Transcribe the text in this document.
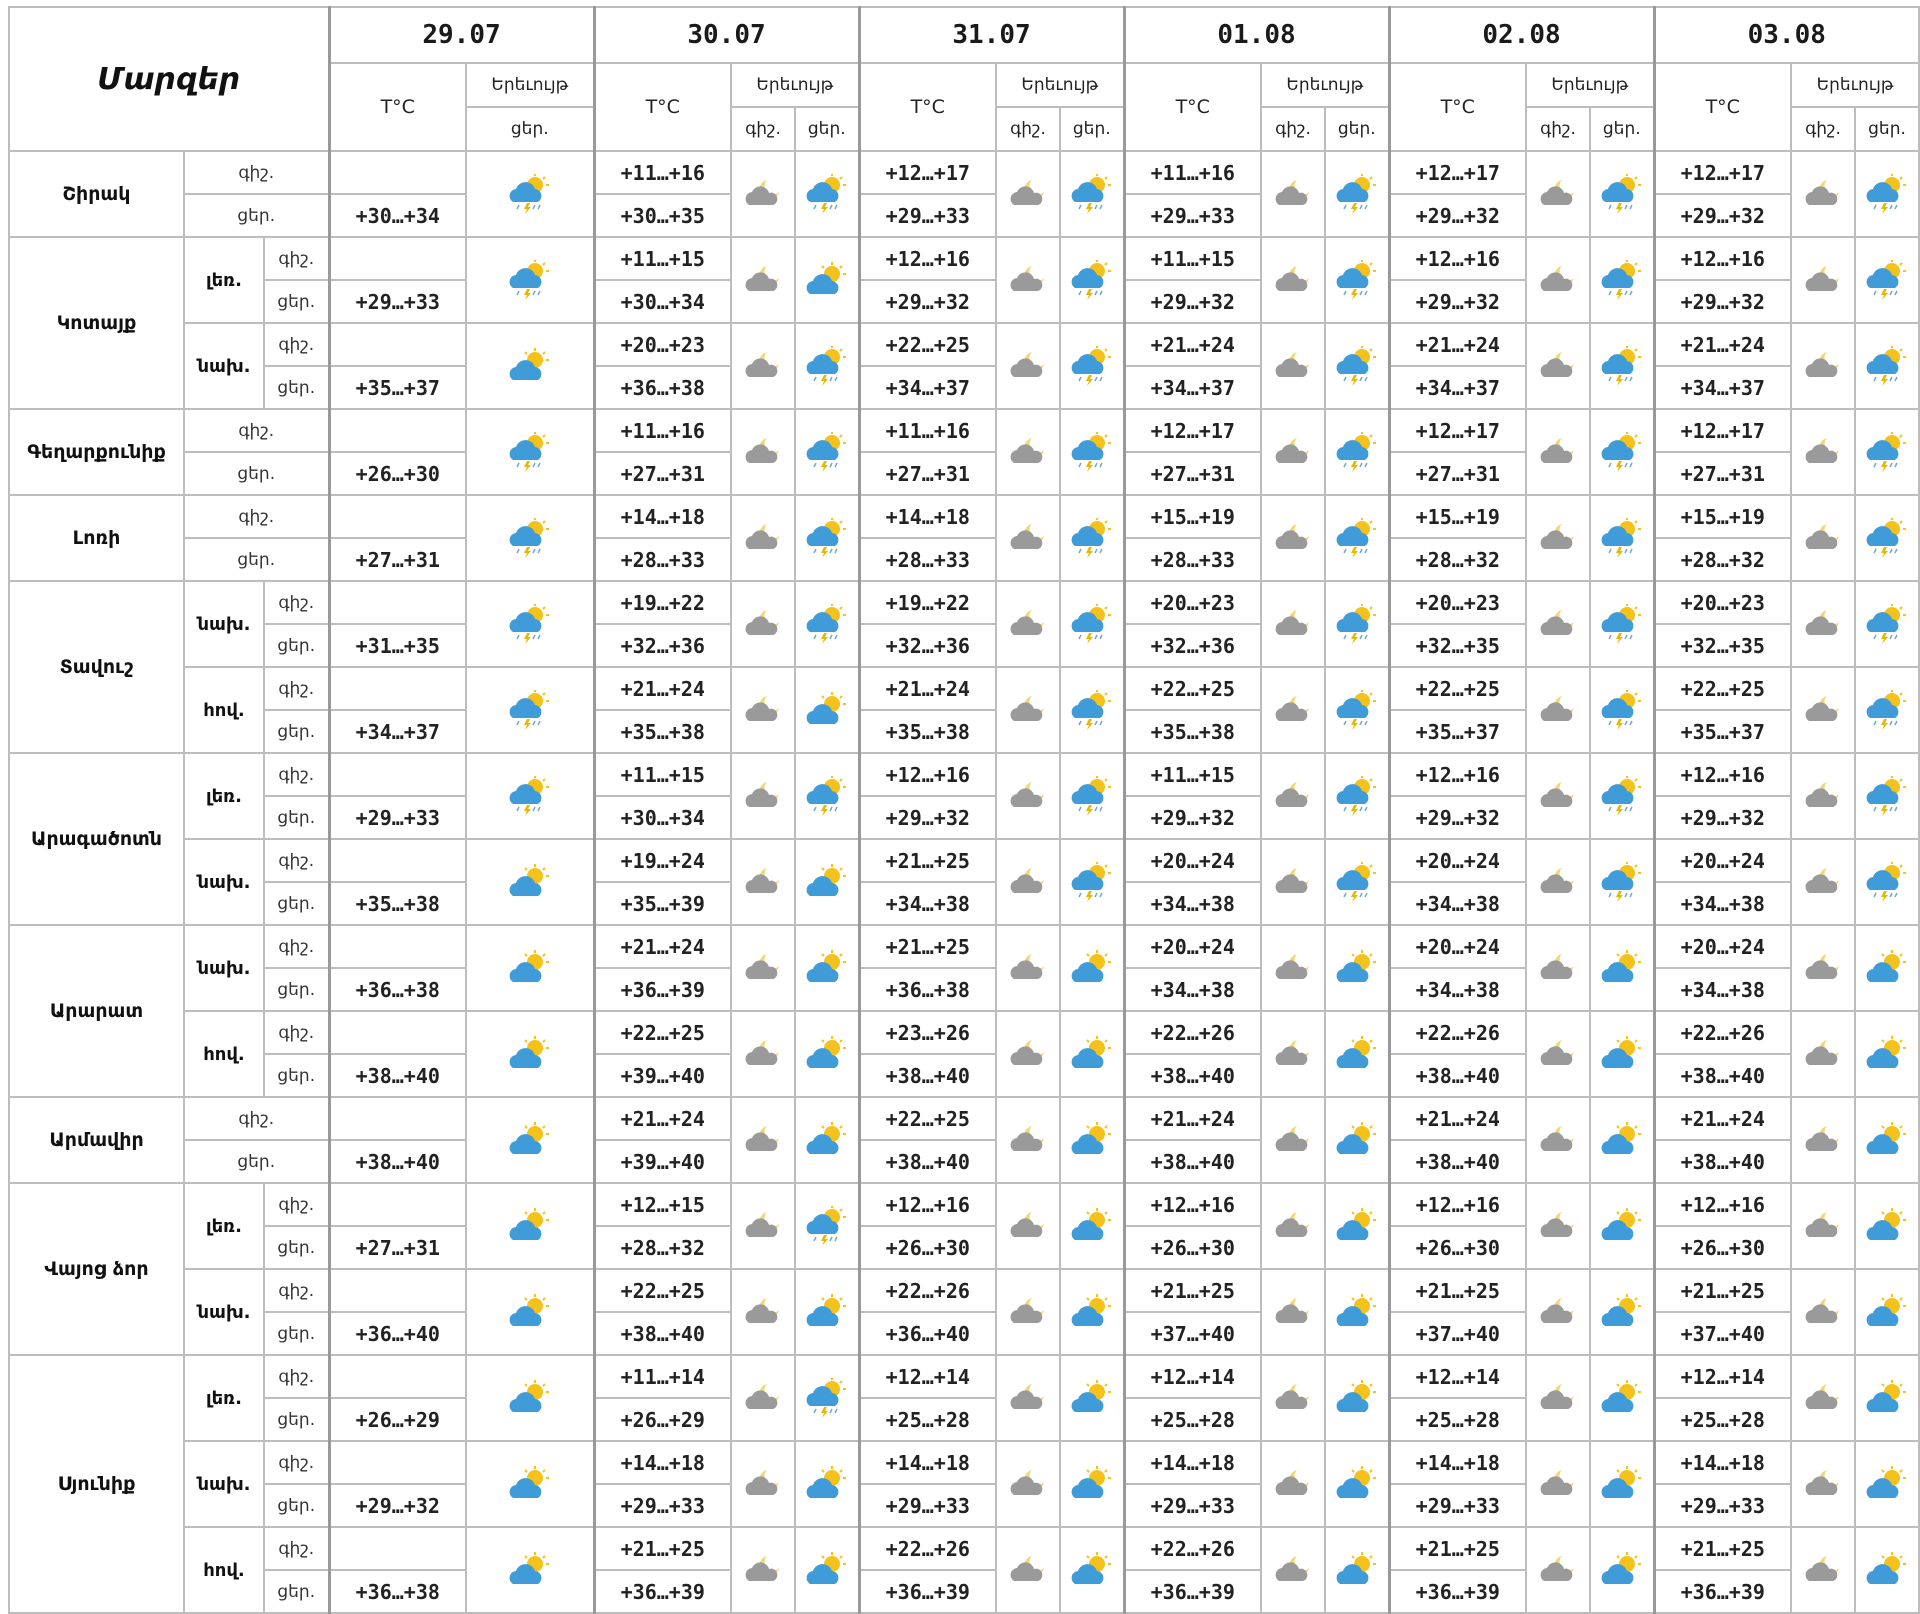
Մարզեր			29.07		30.07			31.07			01.08			02.08			03.08		
			T°C	Երեւույթ	T°C	Երեւույթ		T°C	Երեւույթ		T°C	Երեւույթ		T°C	Երեւույթ		T°C	Երեւույթ	
				ցեր.		գիշ.	ցեր.		գիշ.	ցեր.		գիշ.	ցեր.		գիշ.	ցեր.		գիշ.	ցեր.
Շիրակ	գիշ.				+11…+16			+12…+17			+11…+16			+12…+17			+12…+17	

	ցեր.		+30…+34		+30…+35			+29…+33			+29…+33			+29…+32			+29…+32		
Կոտայք	լեռ.	գիշ.			+11…+15			+12…+16			+11…+15			+12…+16			+12…+16	

		ցեր.	+29…+33		+30…+34			+29…+32			+29…+32			+29…+32			+29…+32		
	նախ.	գիշ.			+20…+23			+22…+25			+21…+24			+21…+24			+21…+24	

		ցեր.	+35…+37		+36…+38			+34…+37			+34…+37			+34…+37			+34…+37		
Գեղարքունիք	գիշ.				+11…+16			+11…+16			+12…+17			+12…+17			+12…+17	

	ցեր.		+26…+30		+27…+31			+27…+31			+27…+31			+27…+31			+27…+31		
Լոռի	գիշ.				+14…+18			+14…+18			+15…+19			+15…+19			+15…+19	

	ցեր.		+27…+31		+28…+33			+28…+33			+28…+33			+28…+32			+28…+32		
Տավուշ	նախ.	գիշ.			+19…+22			+19…+22			+20…+23			+20…+23			+20…+23	

		ցեր.	+31…+35		+32…+36			+32…+36			+32…+36			+32…+35			+32…+35		
	հով.	գիշ.			+21…+24			+21…+24			+22…+25			+22…+25			+22…+25	

		ցեր.	+34…+37		+35…+38			+35…+38			+35…+38			+35…+37			+35…+37		
Արագածոտն	լեռ.	գիշ.			+11…+15			+12…+16			+11…+15			+12…+16			+12…+16	

		ցեր.	+29…+33		+30…+34			+29…+32			+29…+32			+29…+32			+29…+32		
	նախ.	գիշ.			+19…+24			+21…+25			+20…+24			+20…+24			+20…+24	

		ցեր.	+35…+38		+35…+39			+34…+38			+34…+38			+34…+38			+34…+38		
Արարատ	նախ.	գիշ.			+21…+24			+21…+25			+20…+24			+20…+24			+20…+24	

		ցեր.	+36…+38		+36…+39			+36…+38			+34…+38			+34…+38			+34…+38		
	հով.	գիշ.			+22…+25			+23…+26			+22…+26			+22…+26			+22…+26	

		ցեր.	+38…+40		+39…+40			+38…+40			+38…+40			+38…+40			+38…+40		
Արմավիր	գիշ.				+21…+24			+22…+25			+21…+24			+21…+24			+21…+24	

	ցեր.		+38…+40		+39…+40			+38…+40			+38…+40			+38…+40			+38…+40		
Վայոց ձոր	լեռ.	գիշ.			+12…+15			+12…+16			+12…+16			+12…+16			+12…+16	

		ցեր.	+27…+31		+28…+32			+26…+30			+26…+30			+26…+30			+26…+30		
	նախ.	գիշ.			+22…+25			+22…+26			+21…+25			+21…+25			+21…+25	

		ցեր.	+36…+40		+38…+40			+36…+40			+37…+40			+37…+40			+37…+40		
Սյունիք	լեռ.	գիշ.			+11…+14			+12…+14			+12…+14			+12…+14			+12…+14	

		ցեր.	+26…+29		+26…+29			+25…+28			+25…+28			+25…+28			+25…+28		
	նախ.	գիշ.			+14…+18			+14…+18			+14…+18			+14…+18			+14…+18	

		ցեր.	+29…+32		+29…+33			+29…+33			+29…+33			+29…+33			+29…+33		
	հով.	գիշ.			+21…+25			+22…+26			+22…+26			+21…+25			+21…+25	

		ցեր.	+36…+38		+36…+39			+36…+39			+36…+39			+36…+39			+36…+39		
